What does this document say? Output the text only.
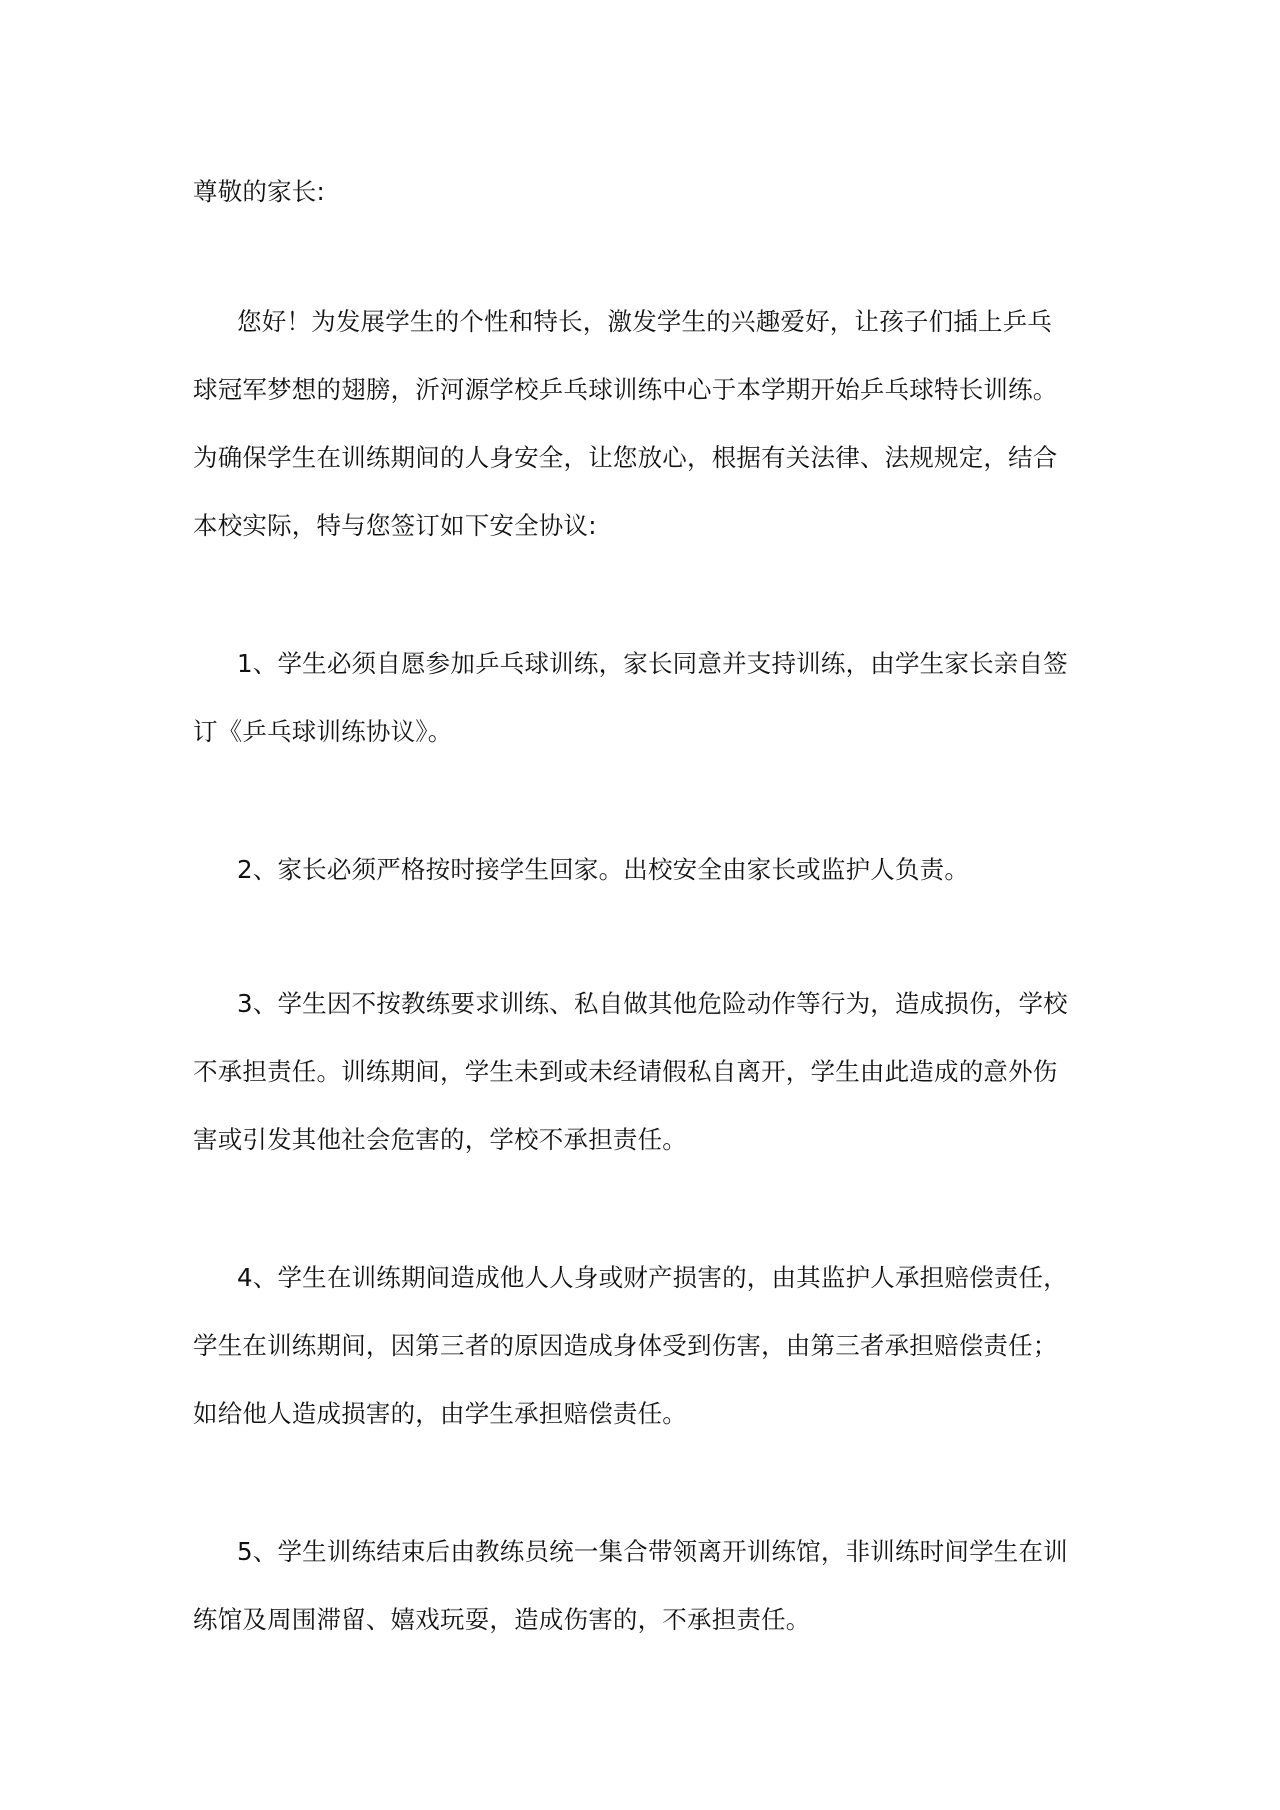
尊敬的家长:
您好！为发展学生的个性和特长，激发学生的兴趣爱好，让孩子们插上乒乓
球冠军梦想的翅膀，沂河源学校乒乓球训练中心于本学期开始乒乓球特长训练。
为确保学生在训练期间的人身安全，让您放心，根据有关法律、法规规定，结合
本校实际，特与您签订如下安全协议:
1、学生必须自愿参加乒乓球训练，家长同意并支持训练，由学生家长亲自签
订《乒乓球训练协议》。
2、家长必须严格按时接学生回家。出校安全由家长或监护人负责。
3、学生因不按教练要求训练、私自做其他危险动作等行为，造成损伤，学校
不承担责任。训练期间，学生未到或未经请假私自离开，学生由此造成的意外伤
害或引发其他社会危害的，学校不承担责任。
4、学生在训练期间造成他人人身或财产损害的，由其监护人承担赔偿责任，
学生在训练期间，因第三者的原因造成身体受到伤害，由第三者承担赔偿责任；
如给他人造成损害的，由学生承担赔偿责任。
5、学生训练结束后由教练员统一集合带领离开训练馆，非训练时间学生在训
练馆及周围滞留、嬉戏玩耍，造成伤害的，不承担责任。
